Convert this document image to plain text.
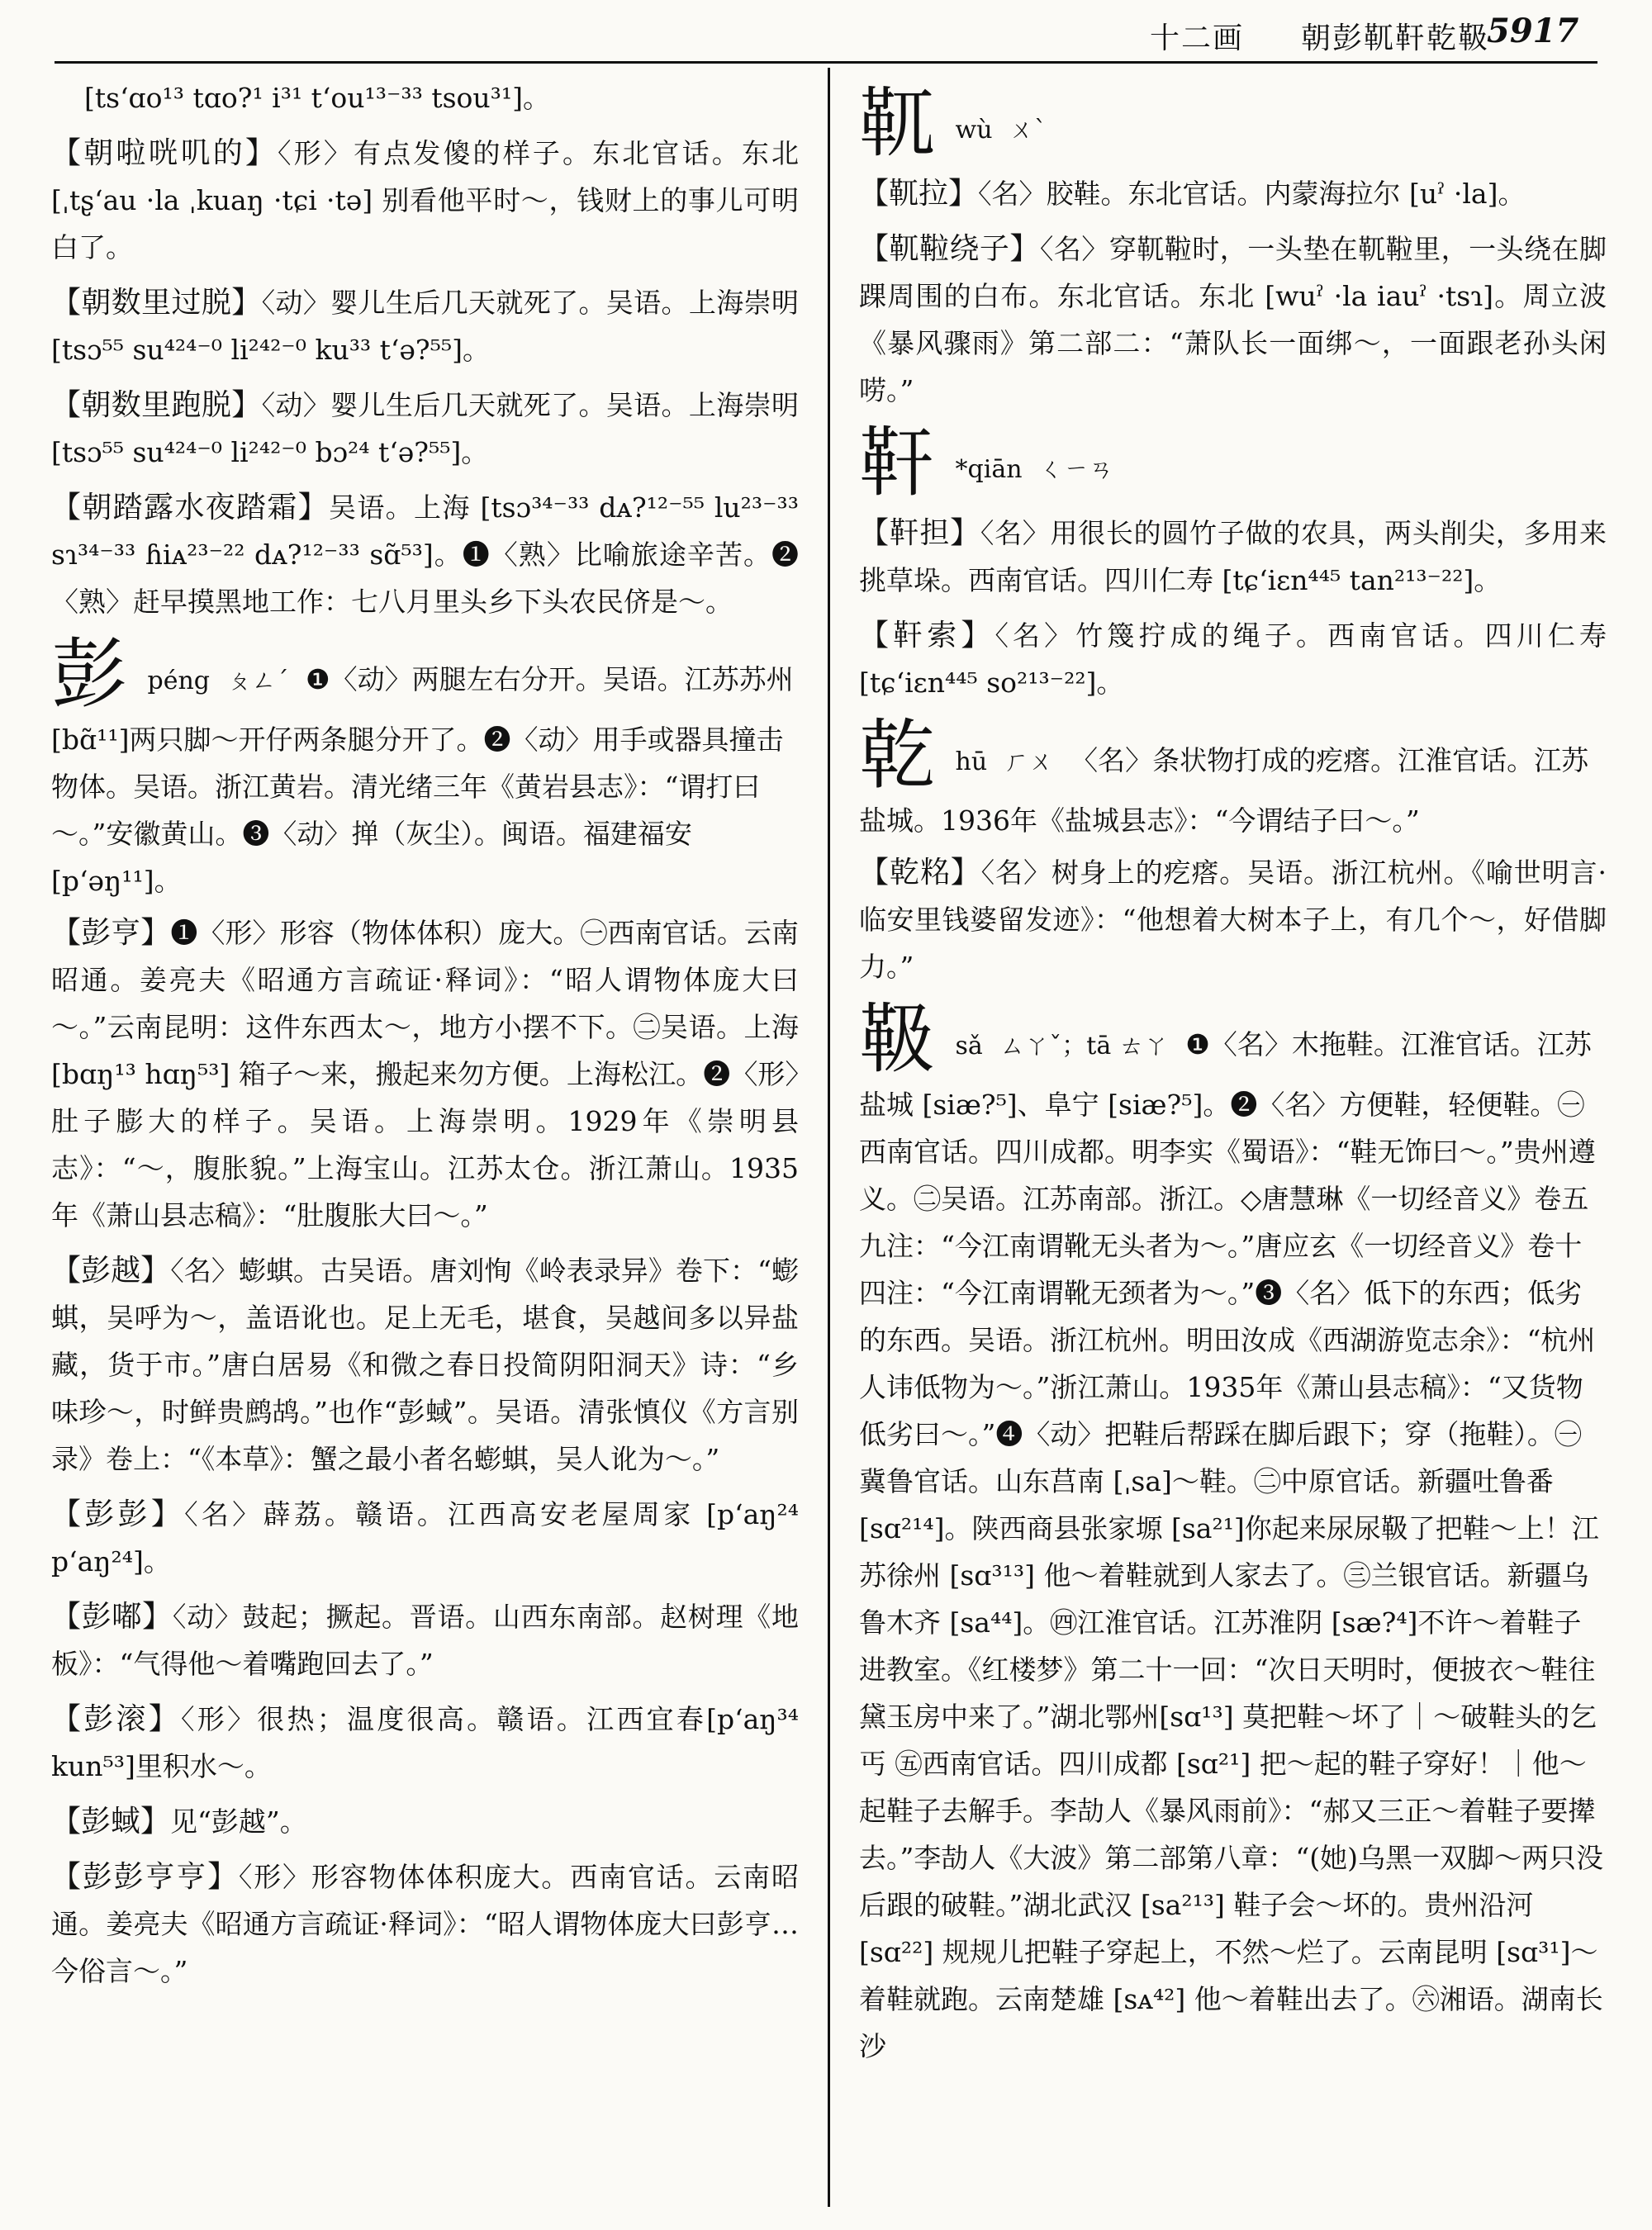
十二画 朝彭靰靬乾靸
5917

[ts‘ɑo¹³ tɑo?¹ i³¹ t‘ou¹³⁻³³ tsou³¹]。

【朝啦咣叽的】〈形〉有点发傻的样子。东北官话。东北[ˌtʂ‘au ·la ˌkuaŋ ·tɕi ·tə] 别看他平时～，钱财上的事儿可明白了。

【朝数里过脱】〈动〉婴儿生后几天就死了。吴语。上海崇明[tsɔ⁵⁵ su⁴²⁴⁻⁰ li²⁴²⁻⁰ ku³³ t‘ə?⁵⁵]。

【朝数里跑脱】〈动〉婴儿生后几天就死了。吴语。上海崇明 [tsɔ⁵⁵ su⁴²⁴⁻⁰ li²⁴²⁻⁰ bɔ²⁴ t‘ə?⁵⁵]。

【朝踏露水夜踏霜】吴语。上海 [tsɔ³⁴⁻³³ dᴀ?¹²⁻⁵⁵ lu²³⁻³³ sɿ³⁴⁻³³ ɦiᴀ²³⁻²² dᴀ?¹²⁻³³ sɑ̃⁵³]。❶〈熟〉比喻旅途辛苦。❷〈熟〉赶早摸黑地工作：七八月里头乡下头农民侪是～。

彭 péng ㄆㄥˊ ❶〈动〉两腿左右分开。吴语。江苏苏州[bɑ̃¹¹]两只脚～开仔两条腿分开了。❷〈动〉用手或器具撞击物体。吴语。浙江黄岩。清光绪三年《黄岩县志》：“谓打曰～。”安徽黄山。❸〈动〉掸（灰尘）。闽语。福建福安[p‘əŋ¹¹]。

【彭亨】❶〈形〉形容（物体体积）庞大。㊀西南官话。云南昭通。姜亮夫《昭通方言疏证·释词》：“昭人谓物体庞大曰～。”云南昆明：这件东西太～，地方小摆不下。㊁吴语。上海[bɑŋ¹³ hɑŋ⁵³] 箱子～来，搬起来勿方便。上海松江。❷〈形〉肚子膨大的样子。吴语。上海崇明。1929年《崇明县志》：“～，腹胀貌。”上海宝山。江苏太仓。浙江萧山。1935年《萧山县志稿》：“肚腹胀大曰～。”

【彭越】〈名〉蟛蜞。古吴语。唐刘恂《岭表录异》卷下：“蟛蜞，吴呼为～，盖语讹也。足上无毛，堪食，吴越间多以异盐藏，货于市。”唐白居易《和微之春日投简阴阳洞天》诗：“乡味珍～，时鲜贵鹧鸪。”也作“彭蜮”。吴语。清张慎仪《方言别录》卷上：“《本草》：蟹之最小者名蟛蜞，吴人讹为～。”

【彭彭】〈名〉薜荔。赣语。江西高安老屋周家 [p‘aŋ²⁴ p‘aŋ²⁴]。

【彭嘟】〈动〉鼓起；撅起。晋语。山西东南部。赵树理《地板》：“气得他～着嘴跑回去了。”

【彭滚】〈形〉很热；温度很高。赣语。江西宜春[p‘aŋ³⁴ kun⁵³]里积水～。

【彭蜮】见“彭越”。

【彭彭亨亨】〈形〉形容物体体积庞大。西南官话。云南昭通。姜亮夫《昭通方言疏证·释词》：“昭人谓物体庞大曰彭亨…今俗言～。”

靰 wù ㄨˋ

【靰拉】〈名〉胶鞋。东北官话。内蒙海拉尔 [uˀ ·la]。

【靰鞡绕子】〈名〉穿靰鞡时，一头垫在靰鞡里，一头绕在脚踝周围的白布。东北官话。东北 [wuˀ ·la iauˀ ·tsɿ]。周立波《暴风骤雨》第二部二：“萧队长一面绑～，一面跟老孙头闲唠。”

靬 *qiān ㄑㄧㄢ

【靬担】〈名〉用很长的圆竹子做的农具，两头削尖，多用来挑草垛。西南官话。四川仁寿 [tɕ‘iɛn⁴⁴⁵ tan²¹³⁻²²]。

【靬索】〈名〉竹篾拧成的绳子。西南官话。四川仁寿 [tɕ‘iɛn⁴⁴⁵ so²¹³⁻²²]。

乾 hū ㄏㄨ 〈名〉条状物打成的疙瘩。江淮官话。江苏盐城。1936年《盐城县志》：“今谓结子曰～。”

【乾䊅】〈名〉树身上的疙瘩。吴语。浙江杭州。《喻世明言·临安里钱婆留发迹》：“他想着大树本子上，有几个～，好借脚力。”

靸 sǎ ㄙㄚˇ；tā ㄊㄚ ❶〈名〉木拖鞋。江淮官话。江苏盐城 [siæ?⁵]、阜宁 [siæ?⁵]。❷〈名〉方便鞋，轻便鞋。㊀西南官话。四川成都。明李实《蜀语》：“鞋无饰曰～。”贵州遵义。㊁吴语。江苏南部。浙江。◇唐慧琳《一切经音义》卷五九注：“今江南谓靴无头者为～。”唐应玄《一切经音义》卷十四注：“今江南谓靴无颈者为～。”❸〈名〉低下的东西；低劣的东西。吴语。浙江杭州。明田汝成《西湖游览志余》：“杭州人讳低物为～。”浙江萧山。1935年《萧山县志稿》：“又货物低劣曰～。”❹〈动〉把鞋后帮踩在脚后跟下；穿（拖鞋）。㊀冀鲁官话。山东莒南 [ˌsa]～鞋。㊁中原官话。新疆吐鲁番[sɑ²¹⁴]。陕西商县张家塬 [sa²¹]你起来尿尿靸了把鞋～上！江苏徐州 [sɑ³¹³] 他～着鞋就到人家去了。㊂兰银官话。新疆乌鲁木齐 [sa⁴⁴]。㊃江淮官话。江苏淮阴 [sæ?⁴]不许～着鞋子进教室。《红楼梦》第二十一回：“次日天明时，便披衣～鞋往黛玉房中来了。”湖北鄂州[sɑ¹³] 莫把鞋～坏了｜～破鞋头的乞丐 ㊄西南官话。四川成都 [sɑ²¹] 把～起的鞋子穿好！｜他～起鞋子去解手。李劼人《暴风雨前》：“郝又三正～着鞋子要撵去。”李劼人《大波》第二部第八章：“(她)乌黑一双脚～两只没后跟的破鞋。”湖北武汉 [sa²¹³] 鞋子会～坏的。贵州沿河 [sɑ²²] 规规儿把鞋子穿起上，不然～烂了。云南昆明 [sɑ³¹]～着鞋就跑。云南楚雄 [sᴀ⁴²] 他～着鞋出去了。㊅湘语。湖南长沙
